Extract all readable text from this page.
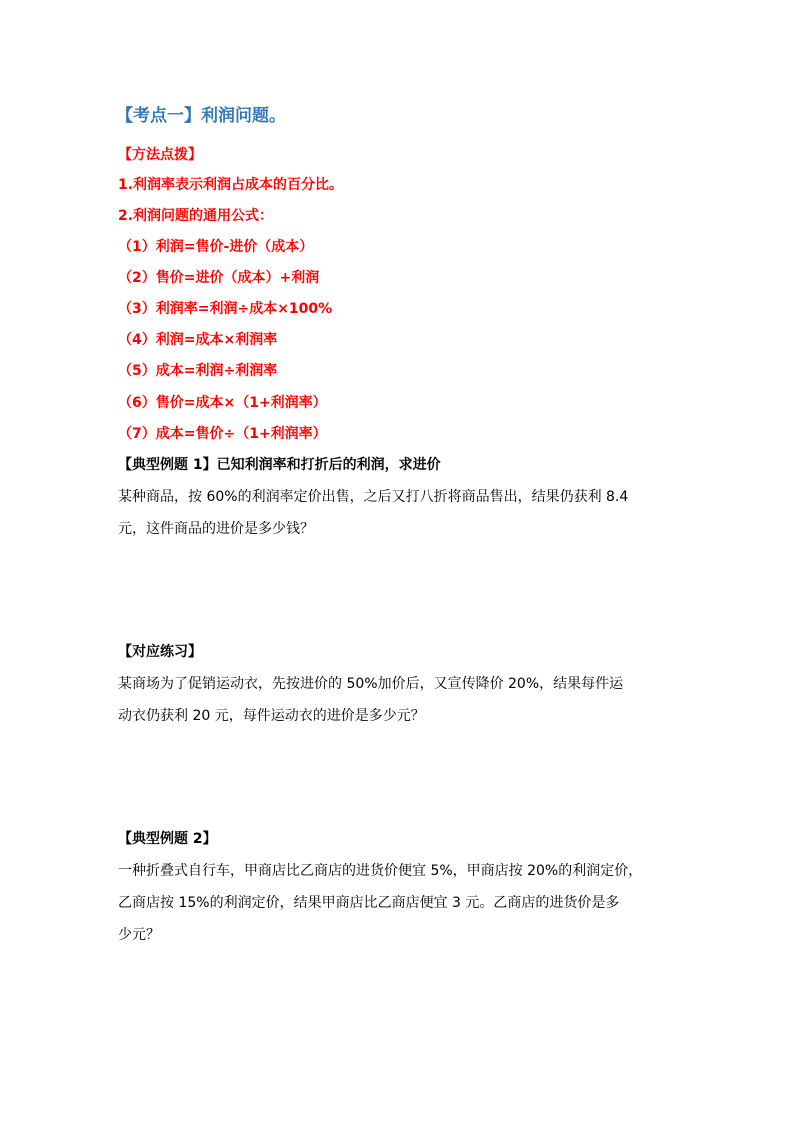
【考点一】利润问题。
【方法点拨】
1.利润率表示利润占成本的百分比。
2.利润问题的通用公式：
（1）利润=售价-进价（成本）
（2）售价=进价（成本）+利润
（3）利润率=利润÷成本×100%
（4）利润=成本×利润率
（5）成本=利润÷利润率
（6）售价=成本×（1+利润率）
（7）成本=售价÷（1+利润率）
【典型例题 1】已知利润率和打折后的利润，求进价
某种商品，按 60%的利润率定价出售，之后又打八折将商品售出，结果仍获利 8.4
元，这件商品的进价是多少钱？
【对应练习】
某商场为了促销运动衣，先按进价的 50%加价后，又宣传降价 20%，结果每件运
动衣仍获利 20 元，每件运动衣的进价是多少元？
【典型例题 2】
一种折叠式自行车，甲商店比乙商店的进货价便宜 5%，甲商店按 20%的利润定价，
乙商店按 15%的利润定价，结果甲商店比乙商店便宜 3 元。乙商店的进货价是多
少元？
